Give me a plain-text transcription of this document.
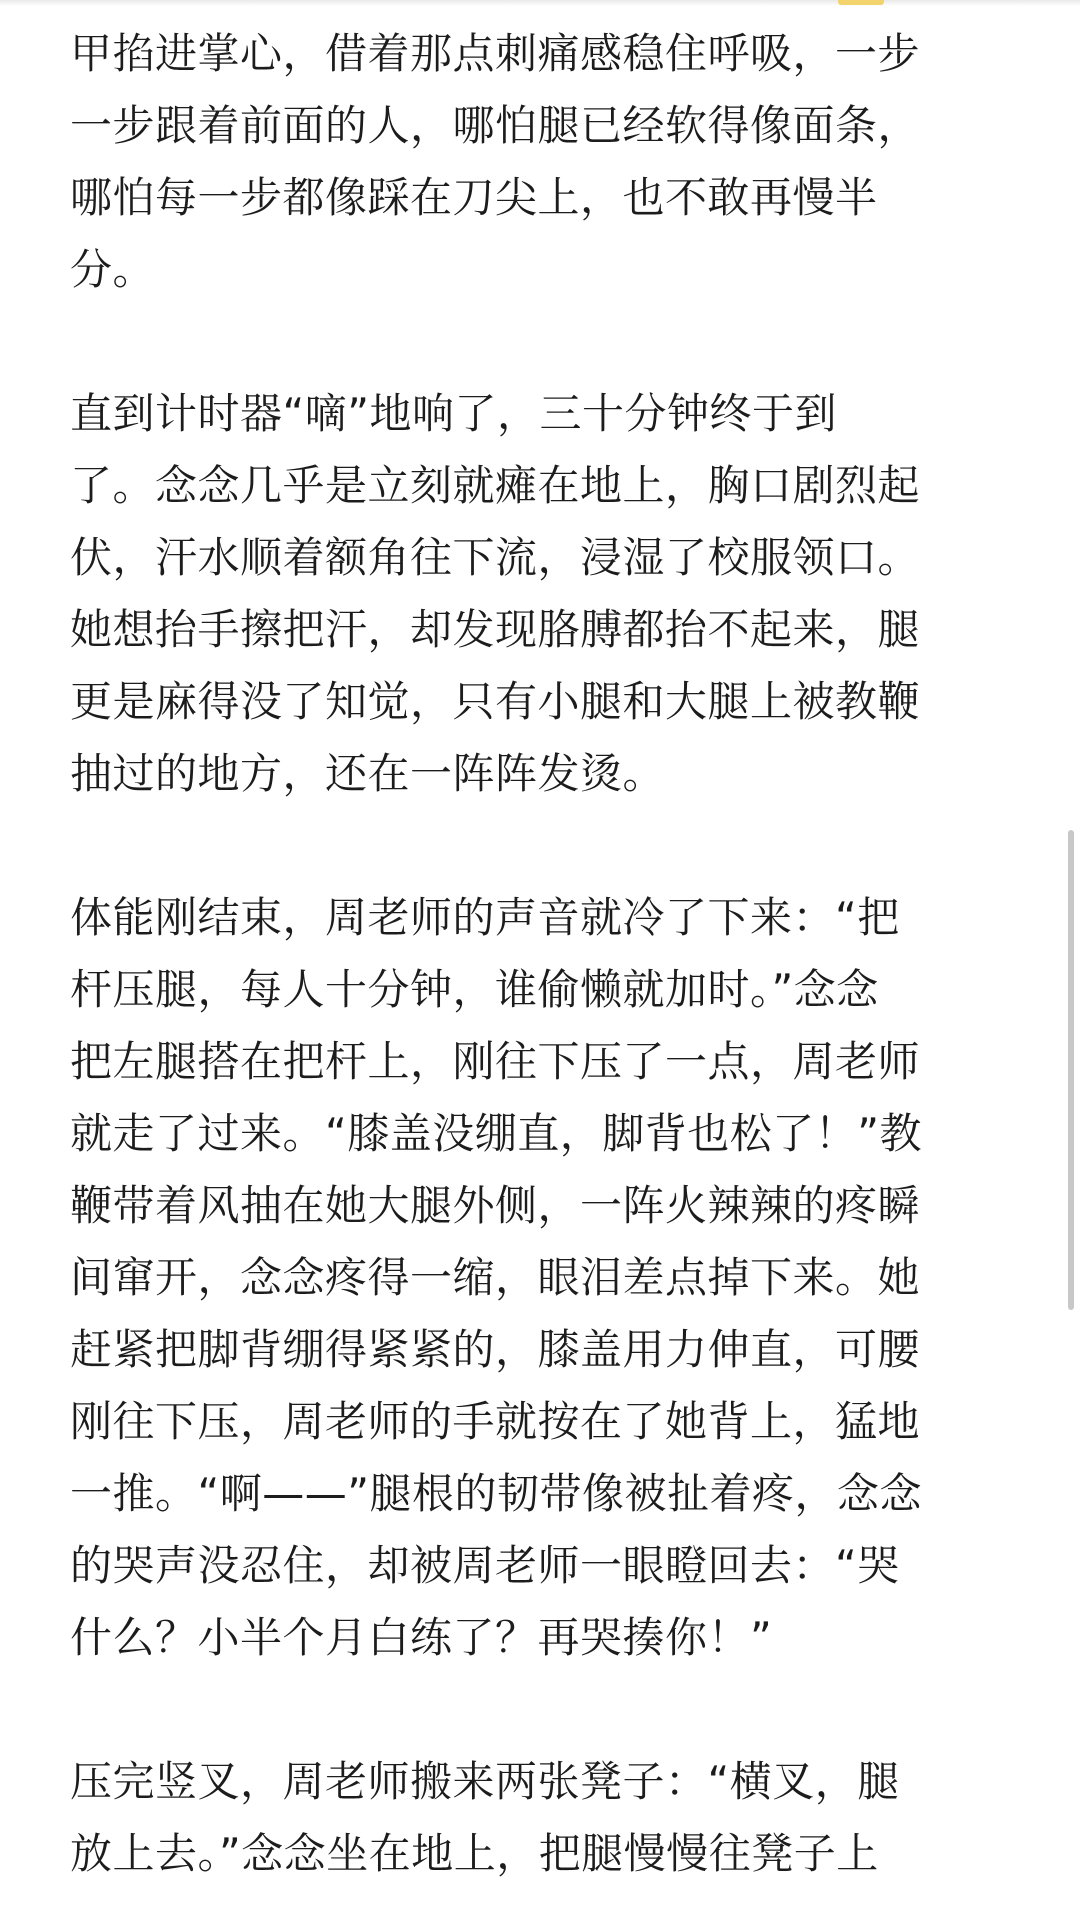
甲掐进掌心，借着那点刺痛感稳住呼吸，一步
一步跟着前面的人，哪怕腿已经软得像面条，
哪怕每一步都像踩在刀尖上，也不敢再慢半
分。
直到计时器“嘀”地响了，三十分钟终于到
了。念念几乎是立刻就瘫在地上，胸口剧烈起
伏，汗水顺着额角往下流，浸湿了校服领口。
她想抬手擦把汗，却发现胳膊都抬不起来，腿
更是麻得没了知觉，只有小腿和大腿上被教鞭
抽过的地方，还在一阵阵发烫。
体能刚结束，周老师的声音就冷了下来：“把
杆压腿，每人十分钟，谁偷懒就加时。”念念
把左腿搭在把杆上，刚往下压了一点，周老师
就走了过来。“膝盖没绷直，脚背也松了！”教
鞭带着风抽在她大腿外侧，一阵火辣辣的疼瞬
间窜开，念念疼得一缩，眼泪差点掉下来。她
赶紧把脚背绷得紧紧的，膝盖用力伸直，可腰
刚往下压，周老师的手就按在了她背上，猛地
一推。“啊——”腿根的韧带像被扯着疼，念念
的哭声没忍住，却被周老师一眼瞪回去：“哭
什么？小半个月白练了？再哭揍你！”
压完竖叉，周老师搬来两张凳子：“横叉，腿
放上去。”念念坐在地上，把腿慢慢往凳子上
